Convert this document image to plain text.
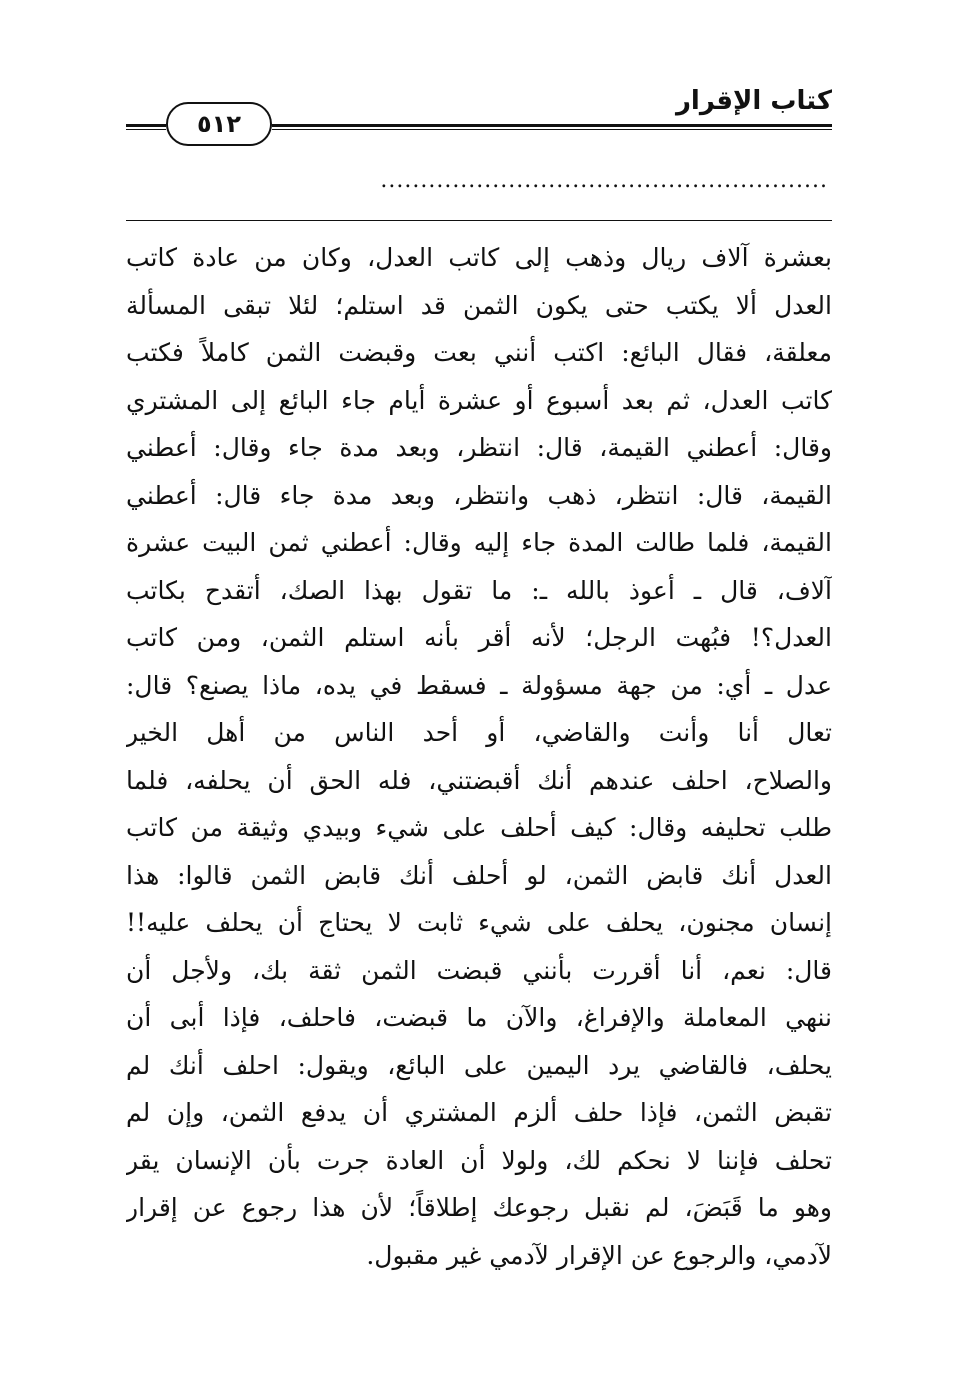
٥١٢
كتاب الإقرار
........................................................
بعشرة آلاف ريال وذهب إلى كاتب العدل، وكان من عادة كاتب
العدل ألا يكتب حتى يكون الثمن قد استلم؛ لئلا تبقى المسألة
معلقة، فقال البائع: اكتب أنني بعت وقبضت الثمن كاملاً فكتب
كاتب العدل، ثم بعد أسبوع أو عشرة أيام جاء البائع إلى المشتري
وقال: أعطني القيمة، قال: انتظر، وبعد مدة جاء وقال: أعطني
القيمة، قال: انتظر، ذهب وانتظر، وبعد مدة جاء قال: أعطني
القيمة، فلما طالت المدة جاء إليه وقال: أعطني ثمن البيت عشرة
آلاف، قال ـ أعوذ بالله ـ: ما تقول بهذا الصك، أتقدح بكاتب
العدل؟! فبُهت الرجل؛ لأنه أقر بأنه استلم الثمن، ومن كاتب
عدل ـ أي: من جهة مسؤولة ـ فسقط في يده، ماذا يصنع؟ قال:
تعال أنا وأنت والقاضي، أو أحد الناس من أهل الخير
والصلاح، احلف عندهم أنك أقبضتني، فله الحق أن يحلفه، فلما
طلب تحليفه وقال: كيف أحلف على شيء وبيدي وثيقة من كاتب
العدل أنك قابض الثمن، لو أحلف أنك قابض الثمن قالوا: هذا
إنسان مجنون، يحلف على شيء ثابت لا يحتاج أن يحلف عليه!!
قال: نعم، أنا أقررت بأنني قبضت الثمن ثقة بك، ولأجل أن
ننهي المعاملة والإفراغ، والآن ما قبضت، فاحلف، فإذا أبى أن
يحلف، فالقاضي يرد اليمين على البائع، ويقول: احلف أنك لم
تقبض الثمن، فإذا حلف ألزم المشتري أن يدفع الثمن، وإن لم
تحلف فإننا لا نحكم لك، ولولا أن العادة جرت بأن الإنسان يقر
وهو ما قَبَضَ، لم نقبل رجوعك إطلاقاً؛ لأن هذا رجوع عن إقرار
لآدمي، والرجوع عن الإقرار لآدمي غير مقبول.
